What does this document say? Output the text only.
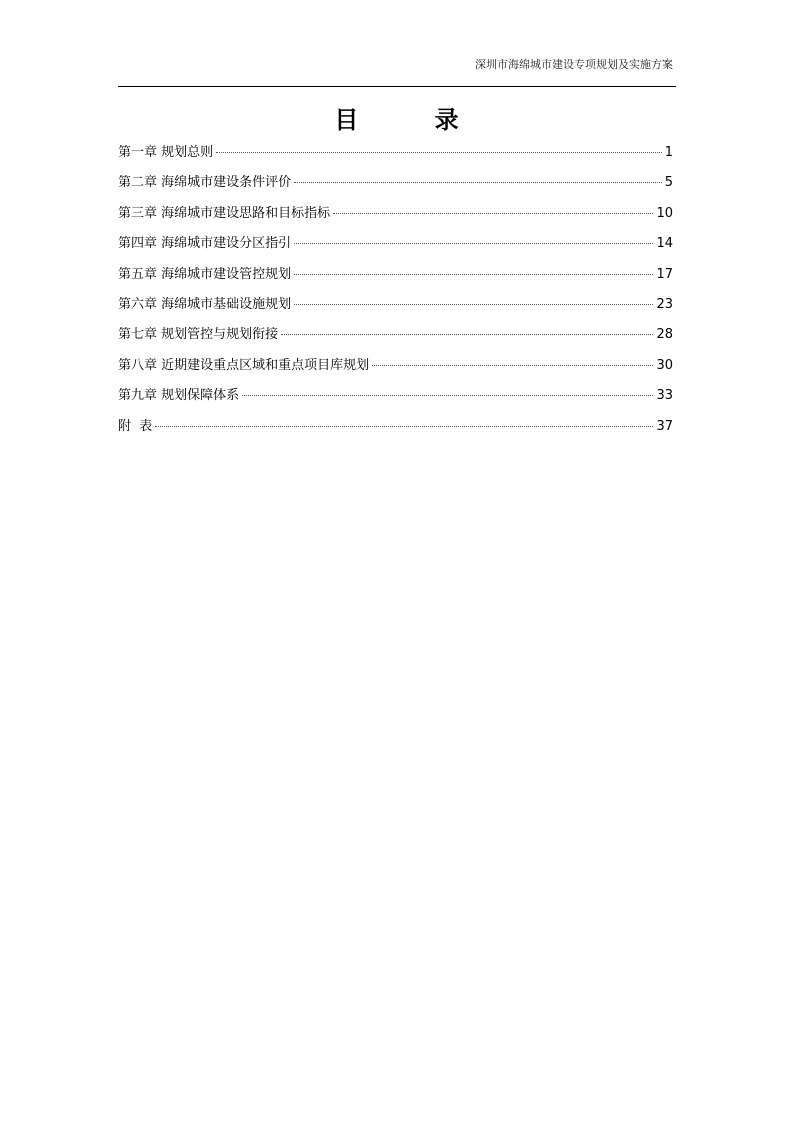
深圳市海绵城市建设专项规划及实施方案
目 录
第一章 规划总则	1
第二章 海绵城市建设条件评价	5
第三章 海绵城市建设思路和目标指标	10
第四章 海绵城市建设分区指引	14
第五章 海绵城市建设管控规划	17
第六章 海绵城市基础设施规划	23
第七章 规划管控与规划衔接	28
第八章 近期建设重点区域和重点项目库规划	30
第九章 规划保障体系	33
附  表	37
